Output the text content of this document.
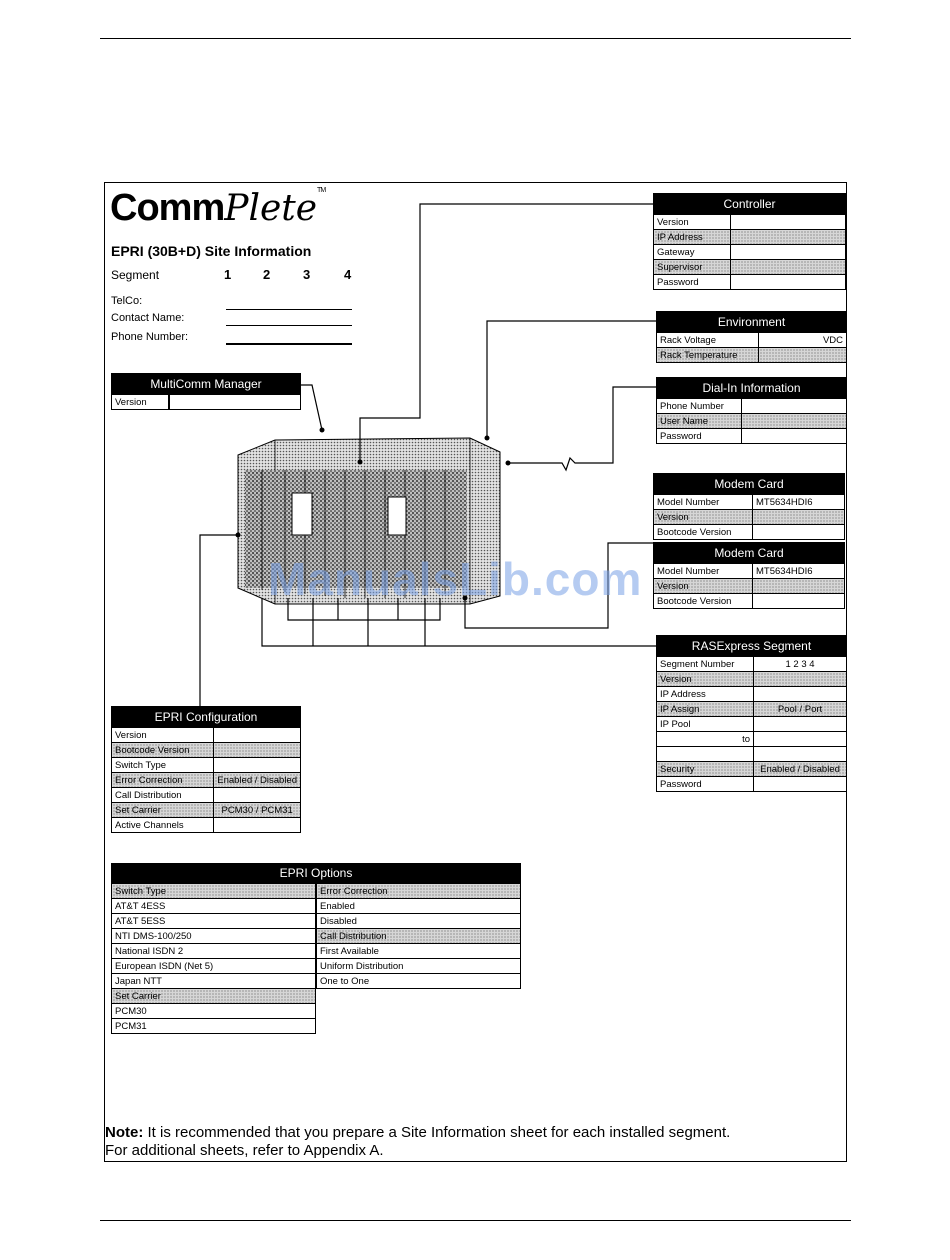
CommPlete™
EPRI (30B+D) Site Information
Segment	1 2	3	4
TelCo:
Contact Name:
Phone Number:
Controller	
Version	
IP Address	
Gateway	
Supervisor	
Password	
Environment	
Rack Voltage	VDC
Rack Temperature	
Dial-In Information	
Phone Number	
User Name	
Password	
Modem Card	
Model Number	MT5634HDI6
Version	
Bootcode Version	
Modem Card	
Model Number	MT5634HDI6
Version	
Bootcode Version	
MultiComm Manager
Version	
RASExpress Segment	
Segment Number	1 2 3 4
Version	
IP Address	
IP Assign	Pool / Port
IP Pool	
to	

Security	Enabled / Disabled
Password	
EPRI Configuration	
Version	
Bootcode Version	
Switch Type	
Error Correction	Enabled / Disabled
Call Distribution	
Set Carrier	PCM30 / PCM31
Active Channels	
EPRI Options
Switch Type
AT&T 4ESS
AT&T 5ESS
NTI DMS-100/250
National ISDN 2
European ISDN (Net 5)
Japan NTT
Set Carrier
PCM30
PCM31
Error Correction
Enabled
Disabled
Call Distribution
First Available
Uniform Distribution
One to One
Note: It is recommended that you prepare a Site Information sheet for each installed segment.
For additional sheets, refer to Appendix A.
ManualsLib.com
